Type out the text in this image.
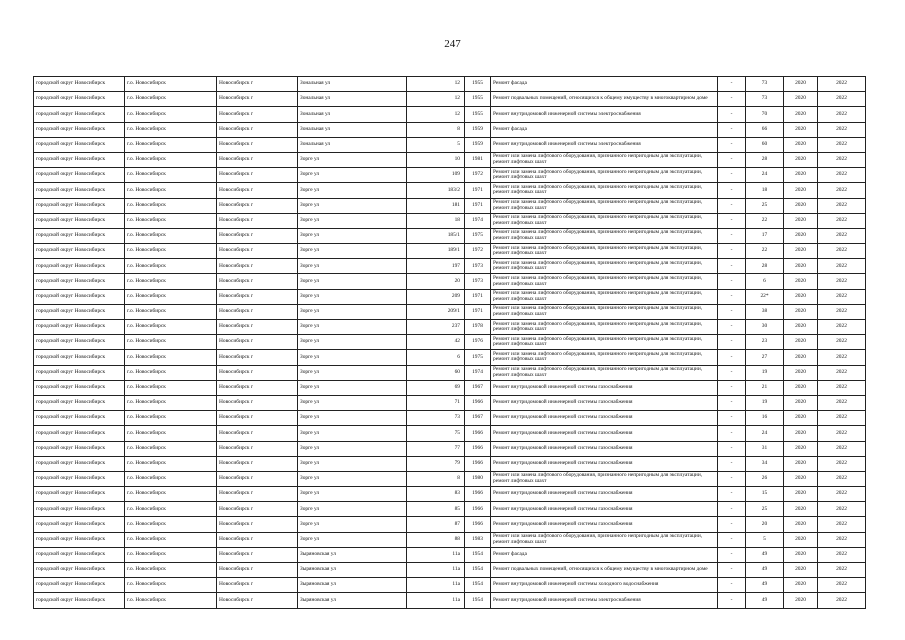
247
городской округ Новосибирск	г.о. Новосибирск	Новосибирск г	Зональная ул	12	1955	Ремонт фасада	-	73	2020	2022
городской округ Новосибирск	г.о. Новосибирск	Новосибирск г	Зональная ул	12	1955	Ремонт подвальных помещений, относящихся к общему имуществу в многоквартирном доме	-	73	2020	2022
городской округ Новосибирск	г.о. Новосибирск	Новосибирск г	Зональная ул	12	1955	Ремонт внутридомовой инженерной системы электроснабжения	-	70	2020	2022
городской округ Новосибирск	г.о. Новосибирск	Новосибирск г	Зональная ул	8	1959	Ремонт фасада	-	66	2020	2022
городской округ Новосибирск	г.о. Новосибирск	Новосибирск г	Зональная ул	5	1959	Ремонт внутридомовой инженерной системы электроснабжения	-	60	2020	2022
городской округ Новосибирск	г.о. Новосибирск	Новосибирск г	Зорге ул	10	1981	Ремонт или замена лифтового оборудования, признанного непригодным для эксплуатации, ремонт лифтовых шахт	-	28	2020	2022
городской округ Новосибирск	г.о. Новосибирск	Новосибирск г	Зорге ул	109	1972	Ремонт или замена лифтового оборудования, признанного непригодным для эксплуатации, ремонт лифтовых шахт	-	24	2020	2022
городской округ Новосибирск	г.о. Новосибирск	Новосибирск г	Зорге ул	183/2	1971	Ремонт или замена лифтового оборудования, признанного непригодным для эксплуатации, ремонт лифтовых шахт	-	18	2020	2022
городской округ Новосибирск	г.о. Новосибирск	Новосибирск г	Зорге ул	181	1971	Ремонт или замена лифтового оборудования, признанного непригодным для эксплуатации, ремонт лифтовых шахт	-	25	2020	2022
городской округ Новосибирск	г.о. Новосибирск	Новосибирск г	Зорге ул	18	1974	Ремонт или замена лифтового оборудования, признанного непригодным для эксплуатации, ремонт лифтовых шахт	-	22	2020	2022
городской округ Новосибирск	г.о. Новосибирск	Новосибирск г	Зорге ул	185/1	1975	Ремонт или замена лифтового оборудования, признанного непригодным для эксплуатации, ремонт лифтовых шахт	-	17	2020	2022
городской округ Новосибирск	г.о. Новосибирск	Новосибирск г	Зорге ул	189/1	1972	Ремонт или замена лифтового оборудования, признанного непригодным для эксплуатации, ремонт лифтовых шахт	-	22	2020	2022
городской округ Новосибирск	г.о. Новосибирск	Новосибирск г	Зорге ул	197	1973	Ремонт или замена лифтового оборудования, признанного непригодным для эксплуатации, ремонт лифтовых шахт	-	28	2020	2022
городской округ Новосибирск	г.о. Новосибирск	Новосибирск г	Зорге ул	20	1973	Ремонт или замена лифтового оборудования, признанного непригодным для эксплуатации, ремонт лифтовых шахт	-	6	2020	2022
городской округ Новосибирск	г.о. Новосибирск	Новосибирск г	Зорге ул	209	1971	Ремонт или замена лифтового оборудования, признанного непригодным для эксплуатации, ремонт лифтовых шахт	-	22*	2020	2022
городской округ Новосибирск	г.о. Новосибирск	Новосибирск г	Зорге ул	209/1	1971	Ремонт или замена лифтового оборудования, признанного непригодным для эксплуатации, ремонт лифтовых шахт	-	38	2020	2022
городской округ Новосибирск	г.о. Новосибирск	Новосибирск г	Зорге ул	237	1978	Ремонт или замена лифтового оборудования, признанного непригодным для эксплуатации, ремонт лифтовых шахт	-	30	2020	2022
городской округ Новосибирск	г.о. Новосибирск	Новосибирск г	Зорге ул	42	1976	Ремонт или замена лифтового оборудования, признанного непригодным для эксплуатации, ремонт лифтовых шахт	-	23	2020	2022
городской округ Новосибирск	г.о. Новосибирск	Новосибирск г	Зорге ул	6	1975	Ремонт или замена лифтового оборудования, признанного непригодным для эксплуатации, ремонт лифтовых шахт	-	27	2020	2022
городской округ Новосибирск	г.о. Новосибирск	Новосибирск г	Зорге ул	60	1974	Ремонт или замена лифтового оборудования, признанного непригодным для эксплуатации, ремонт лифтовых шахт	-	19	2020	2022
городской округ Новосибирск	г.о. Новосибирск	Новосибирск г	Зорге ул	69	1967	Ремонт внутридомовой инженерной системы газоснабжения	-	21	2020	2022
городской округ Новосибирск	г.о. Новосибирск	Новосибирск г	Зорге ул	71	1966	Ремонт внутридомовой инженерной системы газоснабжения	-	19	2020	2022
городской округ Новосибирск	г.о. Новосибирск	Новосибирск г	Зорге ул	73	1967	Ремонт внутридомовой инженерной системы газоснабжения	-	16	2020	2022
городской округ Новосибирск	г.о. Новосибирск	Новосибирск г	Зорге ул	75	1966	Ремонт внутридомовой инженерной системы газоснабжения	-	24	2020	2022
городской округ Новосибирск	г.о. Новосибирск	Новосибирск г	Зорге ул	77	1966	Ремонт внутридомовой инженерной системы газоснабжения	-	31	2020	2022
городской округ Новосибирск	г.о. Новосибирск	Новосибирск г	Зорге ул	79	1966	Ремонт внутридомовой инженерной системы газоснабжения	-	34	2020	2022
городской округ Новосибирск	г.о. Новосибирск	Новосибирск г	Зорге ул	8	1980	Ремонт или замена лифтового оборудования, признанного непригодным для эксплуатации, ремонт лифтовых шахт	-	26	2020	2022
городской округ Новосибирск	г.о. Новосибирск	Новосибирск г	Зорге ул	83	1966	Ремонт внутридомовой инженерной системы газоснабжения	-	15	2020	2022
городской округ Новосибирск	г.о. Новосибирск	Новосибирск г	Зорге ул	85	1966	Ремонт внутридомовой инженерной системы газоснабжения	-	25	2020	2022
городской округ Новосибирск	г.о. Новосибирск	Новосибирск г	Зорге ул	87	1966	Ремонт внутридомовой инженерной системы газоснабжения	-	20	2020	2022
городской округ Новосибирск	г.о. Новосибирск	Новосибирск г	Зорге ул	88	1983	Ремонт или замена лифтового оборудования, признанного непригодным для эксплуатации, ремонт лифтовых шахт	-	5	2020	2022
городской округ Новосибирск	г.о. Новосибирск	Новосибирск г	Зыряновская ул	11а	1954	Ремонт фасада	-	49	2020	2022
городской округ Новосибирск	г.о. Новосибирск	Новосибирск г	Зыряновская ул	11а	1954	Ремонт подвальных помещений, относящихся к общему имуществу в многоквартирном доме	-	49	2020	2022
городской округ Новосибирск	г.о. Новосибирск	Новосибирск г	Зыряновская ул	11а	1954	Ремонт внутридомовой инженерной системы холодного водоснабжения	-	49	2020	2022
городской округ Новосибирск	г.о. Новосибирск	Новосибирск г	Зыряновская ул	11а	1954	Ремонт внутридомовой инженерной системы электроснабжения	-	49	2020	2022
